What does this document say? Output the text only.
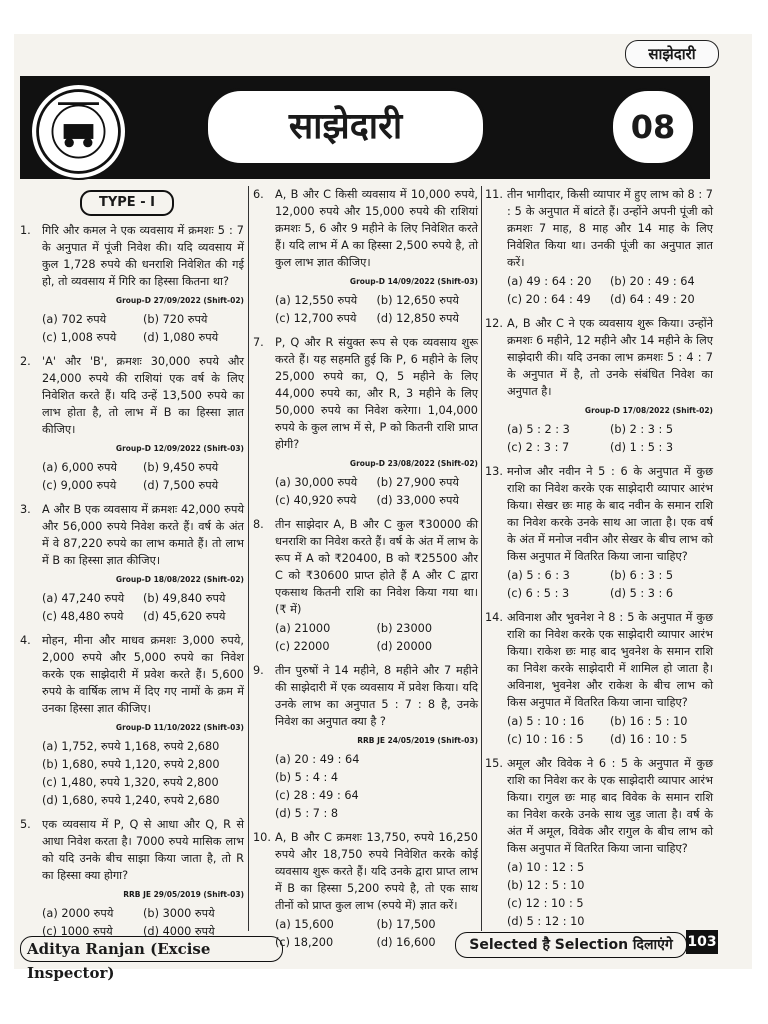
साझेदारी
साझेदारी	08
TYPE - I
1. गिरि और कमल ने एक व्यवसाय में क्रमशः 5 : 7 के अनुपात में पूंजी निवेश की। यदि व्यवसाय में कुल 1,728 रुपये की धनराशि निवेशित की गई हो, तो व्यवसाय में गिरि का हिस्सा कितना था?
Group-D 27/09/2022 (Shift-02)
(a) 702 रुपये	(b) 720 रुपये
(c) 1,008 रुपये	(d) 1,080 रुपये
2. 'A' और 'B', क्रमशः 30,000 रुपये और 24,000 रुपये की राशियां एक वर्ष के लिए निवेशित करते हैं। यदि उन्हें 13,500 रुपये का लाभ होता है, तो लाभ में B का हिस्सा ज्ञात कीजिए।
Group-D 12/09/2022 (Shift-03)
(a) 6,000 रुपये	(b) 9,450 रुपये
(c) 9,000 रुपये	(d) 7,500 रुपये
3. A और B एक व्यवसाय में क्रमशः 42,000 रुपये और 56,000 रुपये निवेश करते हैं। वर्ष के अंत में वे 87,220 रुपये का लाभ कमाते हैं। तो लाभ में B का हिस्सा ज्ञात कीजिए।
Group-D 18/08/2022 (Shift-02)
(a) 47,240 रुपये	(b) 49,840 रुपये
(c) 48,480 रुपये	(d) 45,620 रुपये
4. मोहन, मीना और माधव क्रमशः 3,000 रुपये, 2,000 रुपये और 5,000 रुपये का निवेश करके एक साझेदारी में प्रवेश करते हैं। 5,600 रुपये के वार्षिक लाभ में दिए गए नामों के क्रम में उनका हिस्सा ज्ञात कीजिए।
Group-D 11/10/2022 (Shift-03)
(a) 1,752, रुपये 1,168, रुपये 2,680
(b) 1,680, रुपये 1,120, रुपये 2,800
(c) 1,480, रुपये 1,320, रुपये 2,800
(d) 1,680, रुपये 1,240, रुपये 2,680
5. एक व्यवसाय में P, Q से आधा और Q, R से आधा निवेश करता है। 7000 रुपये मासिक लाभ को यदि उनके बीच साझा किया जाता है, तो R का हिस्सा क्या होगा?
RRB JE 29/05/2019 (Shift-03)
(a) 2000 रुपये	(b) 3000 रुपये
(c) 1000 रुपये	(d) 4000 रुपये
6. A, B और C किसी व्यवसाय में 10,000 रुपये, 12,000 रुपये और 15,000 रुपये की राशियां क्रमशः 5, 6 और 9 महीने के लिए निवेशित करते हैं। यदि लाभ में A का हिस्सा 2,500 रुपये है, तो कुल लाभ ज्ञात कीजिए।
Group-D 14/09/2022 (Shift-03)
(a) 12,550 रुपये	(b) 12,650 रुपये
(c) 12,700 रुपये	(d) 12,850 रुपये
7. P, Q और R संयुक्त रूप से एक व्यवसाय शुरू करते हैं। यह सहमति हुई कि P, 6 महीने के लिए 25,000 रुपये का, Q, 5 महीने के लिए 44,000 रुपये का, और R, 3 महीने के लिए 50,000 रुपये का निवेश करेगा। 1,04,000 रुपये के कुल लाभ में से, P को कितनी राशि प्राप्त होगी?
Group-D 23/08/2022 (Shift-02)
(a) 30,000 रुपये	(b) 27,900 रुपये
(c) 40,920 रुपये	(d) 33,000 रुपये
8. तीन साझेदार A, B और C कुल ₹30000 की धनराशि का निवेश करते हैं। वर्ष के अंत में लाभ के रूप में A को ₹20400, B को ₹25500 और C को ₹30600 प्राप्त होते हैं A और C द्वारा एकसाथ कितनी राशि का निवेश किया गया था। (₹ में)
(a) 21000	(b) 23000
(c) 22000	(d) 20000
9. तीन पुरुषों ने 14 महीने, 8 महीने और 7 महीने की साझेदारी में एक व्यवसाय में प्रवेश किया। यदि उनके लाभ का अनुपात 5 : 7 : 8 है, उनके निवेश का अनुपात क्या है ?
RRB JE 24/05/2019 (Shift-03)
(a) 20 : 49 : 64
(b) 5 : 4 : 4
(c) 28 : 49 : 64
(d) 5 : 7 : 8
10. A, B और C क्रमशः 13,750, रुपये 16,250 रुपये और 18,750 रुपये निवेशित करके कोई व्यवसाय शुरू करते हैं। यदि उनके द्वारा प्राप्त लाभ में B का हिस्सा 5,200 रुपये है, तो एक साथ तीनों को प्राप्त कुल लाभ (रुपये में) ज्ञात करें।
(a) 15,600	(b) 17,500
(c) 18,200	(d) 16,600
11. तीन भागीदार, किसी व्यापार में हुए लाभ को 8 : 7 : 5 के अनुपात में बांटते हैं। उन्होंने अपनी पूंजी को क्रमशः 7 माह, 8 माह और 14 माह के लिए निवेशित किया था। उनकी पूंजी का अनुपात ज्ञात करें।
(a) 49 : 64 : 20	(b) 20 : 49 : 64
(c) 20 : 64 : 49	(d) 64 : 49 : 20
12. A, B और C ने एक व्यवसाय शुरू किया। उन्होंने क्रमशः 6 महीने, 12 महीने और 14 महीने के लिए साझेदारी की। यदि उनका लाभ क्रमशः 5 : 4 : 7 के अनुपात में है, तो उनके संबंधित निवेश का अनुपात है।
Group-D 17/08/2022 (Shift-02)
(a) 5 : 2 : 3	(b) 2 : 3 : 5
(c) 2 : 3 : 7	(d) 1 : 5 : 3
13. मनोज और नवीन ने 5 : 6 के अनुपात में कुछ राशि का निवेश करके एक साझेदारी व्यापार आरंभ किया। सेखर छः माह के बाद नवीन के समान राशि का निवेश करके उनके साथ आ जाता है। एक वर्ष के अंत में मनोज नवीन और सेखर के बीच लाभ को किस अनुपात में वितरित किया जाना चाहिए?
(a) 5 : 6 : 3	(b) 6 : 3 : 5
(c) 6 : 5 : 3	(d) 5 : 3 : 6
14. अविनाश और भुवनेश ने 8 : 5 के अनुपात में कुछ राशि का निवेश करके एक साझेदारी व्यापार आरंभ किया। राकेश छः माह बाद भुवनेश के समान राशि का निवेश करके साझेदारी में शामिल हो जाता है। अविनाश, भुवनेश और राकेश के बीच लाभ को किस अनुपात में वितरित किया जाना चाहिए?
(a) 5 : 10 : 16	(b) 16 : 5 : 10
(c) 10 : 16 : 5	(d) 16 : 10 : 5
15. अमूल और विवेक ने 6 : 5 के अनुपात में कुछ राशि का निवेश कर के एक साझेदारी व्यापार आरंभ किया। रागुल छः माह बाद विवेक के समान राशि का निवेश करके उनके साथ जुड़ जाता है। वर्ष के अंत में अमूल, विवेक और रागुल के बीच लाभ को किस अनुपात में वितरित किया जाना चाहिए?
(a) 10 : 12 : 5
(b) 12 : 5 : 10
(c) 12 : 10 : 5
(d) 5 : 12 : 10
Aditya Ranjan (Excise Inspector)
Selected है Selection दिलाएंगे	103
